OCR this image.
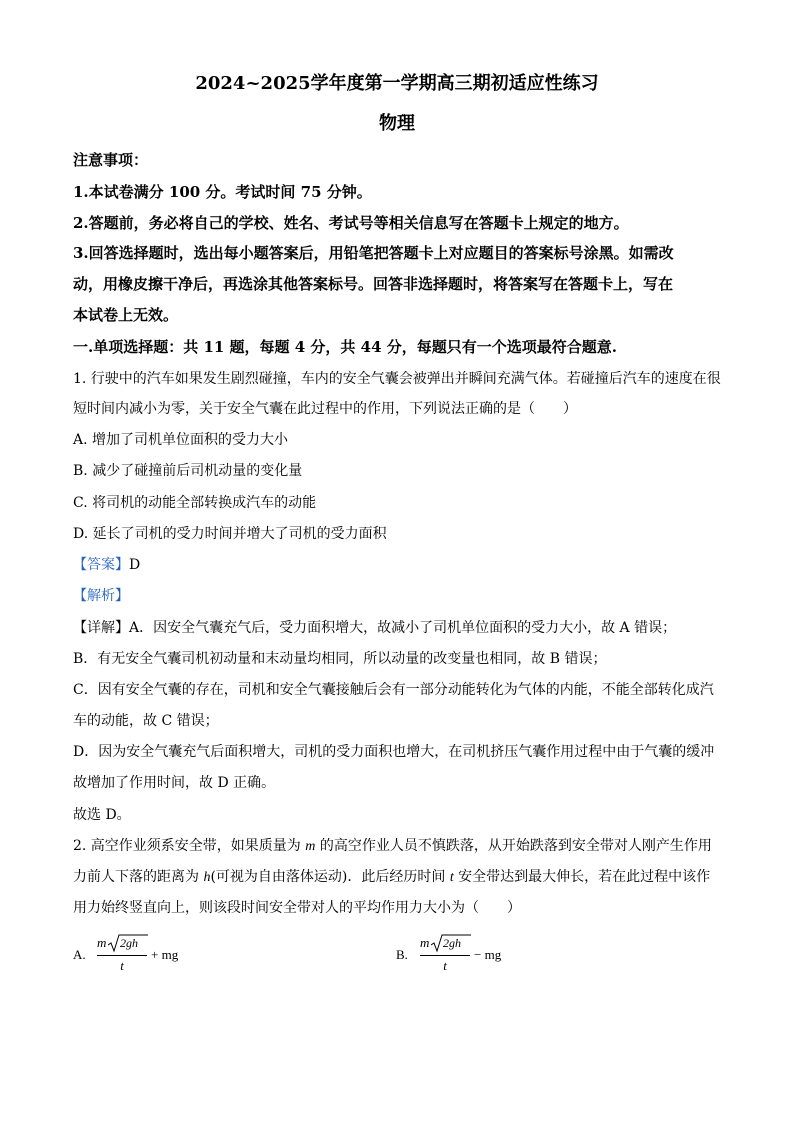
2024~2025学年度第一学期高三期初适应性练习
物理
注意事项：
1.本试卷满分 100 分。考试时间 75 分钟。
2.答题前，务必将自己的学校、姓名、考试号等相关信息写在答题卡上规定的地方。
3.回答选择题时，选出每小题答案后，用铅笔把答题卡上对应题目的答案标号涂黑。如需改
动，用橡皮擦干净后，再选涂其他答案标号。回答非选择题时，将答案写在答题卡上，写在
本试卷上无效。
一.单项选择题：共 11 题，每题 4 分，共 44 分，每题只有一个选项最符合题意.
1. 行驶中的汽车如果发生剧烈碰撞，车内的安全气囊会被弹出并瞬间充满气体。若碰撞后汽车的速度在很
短时间内减小为零，关于安全气囊在此过程中的作用，下列说法正确的是（　　）
A. 增加了司机单位面积的受力大小
B. 减少了碰撞前后司机动量的变化量
C. 将司机的动能全部转换成汽车的动能
D. 延长了司机的受力时间并增大了司机的受力面积
【答案】D
【解析】
【详解】A．因安全气囊充气后，受力面积增大，故减小了司机单位面积的受力大小，故 A 错误；
B．有无安全气囊司机初动量和末动量均相同，所以动量的改变量也相同，故 B 错误；
C．因有安全气囊的存在，司机和安全气囊接触后会有一部分动能转化为气体的内能，不能全部转化成汽
车的动能，故 C 错误；
D．因为安全气囊充气后面积增大，司机的受力面积也增大，在司机挤压气囊作用过程中由于气囊的缓冲
故增加了作用时间，故 D 正确。
故选 D。
2. 高空作业须系安全带，如果质量为 m 的高空作业人员不慎跌落，从开始跌落到安全带对人刚产生作用
力前人下落的距离为 h(可视为自由落体运动)．此后经历时间 t 安全带达到最大伸长，若在此过程中该作
用力始终竖直向上，则该段时间安全带对人的平均作用力大小为（　　）
A.
m 2gh
t
+ mg	B.
m 2gh
t
− mg
